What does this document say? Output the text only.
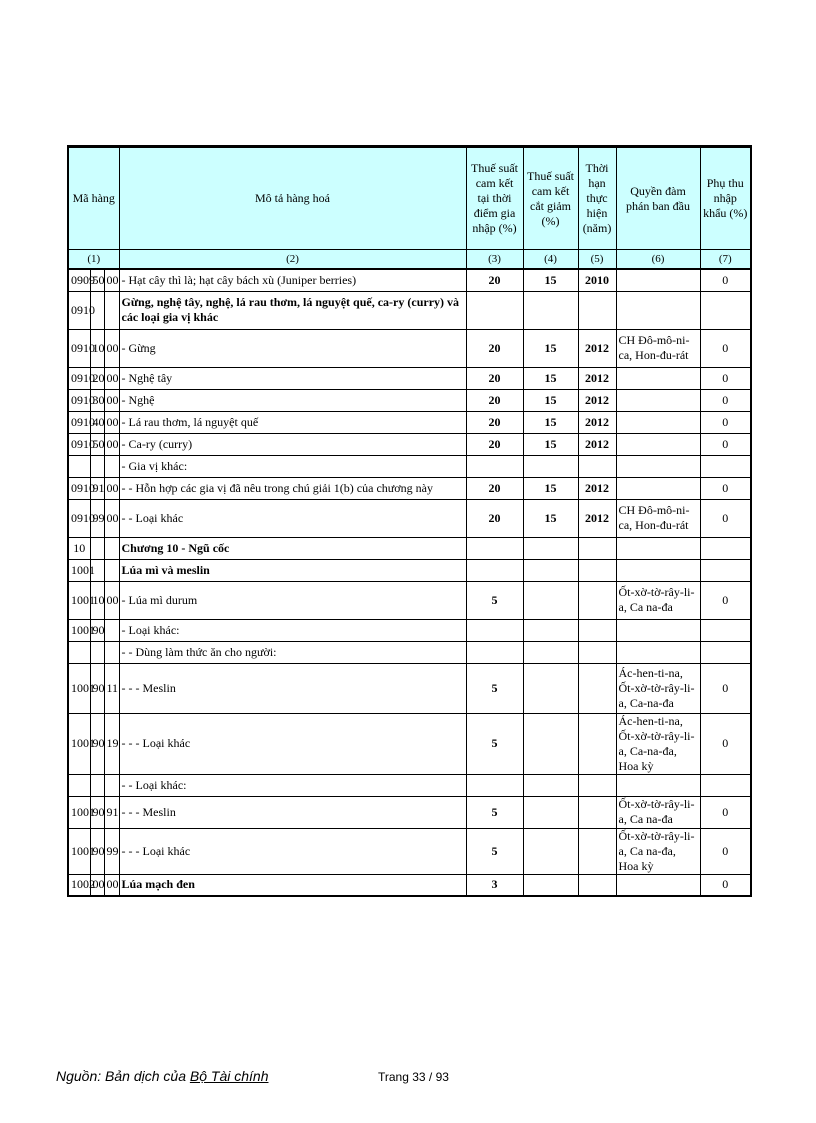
Mã hàng			Mô tả hàng hoá	Thuế suất cam kết tại thời điểm gia nhập (%)	Thuế suất cam kết cắt giảm (%)	Thời hạn thực hiện (năm)	Quyền đàm phán ban đầu	Phụ thu nhập khẩu (%)
(1)			(2)	(3)	(4)	(5)	(6)	(7)
0909	50	00	- Hạt cây thì là; hạt cây bách xù (Juniper berries)	20	15	2010		0
0910			Gừng, nghệ tây, nghệ, lá rau thơm, lá nguyệt quế, ca-ry (curry) và các loại gia vị khác					
0910	10	00	- Gừng	20	15	2012	CH Đô-mô-ni-ca, Hon-đu-rát	0
0910	20	00	- Nghệ tây	20	15	2012		0
0910	30	00	- Nghệ	20	15	2012		0
0910	40	00	- Lá rau thơm, lá nguyệt quế	20	15	2012		0
0910	50	00	- Ca-ry (curry)	20	15	2012		0
			- Gia vị khác:					
0910	91	00	- - Hỗn hợp các gia vị đã nêu trong chú giải 1(b) của chương này	20	15	2012		0
0910	99	00	- - Loại khác	20	15	2012	CH Đô-mô-ni-ca, Hon-đu-rát	0
10			Chương 10 - Ngũ cốc					
1001			Lúa mì và meslin					
1001	10	00	- Lúa mì durum	5			Ốt-xờ-tờ-rây-li-a, Ca na-đa	0
1001	90		- Loại khác:					
			- - Dùng làm thức ăn cho người:					
1001	90	11	- - - Meslin	5			Ác-hen-ti-na, Ốt-xờ-tờ-rây-li-a, Ca-na-đa	0
1001	90	19	- - - Loại khác	5			Ác-hen-ti-na, Ốt-xờ-tờ-rây-li-a, Ca-na-đa, Hoa kỳ	0
			- - Loại khác:					
1001	90	91	- - - Meslin	5			Ốt-xờ-tờ-rây-li-a, Ca na-đa	0
1001	90	99	- - - Loại khác	5			Ốt-xờ-tờ-rây-li-a, Ca na-đa, Hoa kỳ	0
1002	00	00	Lúa mạch đen	3				0
Nguồn: Bản dịch của Bộ Tài chính	Trang 33 / 93
